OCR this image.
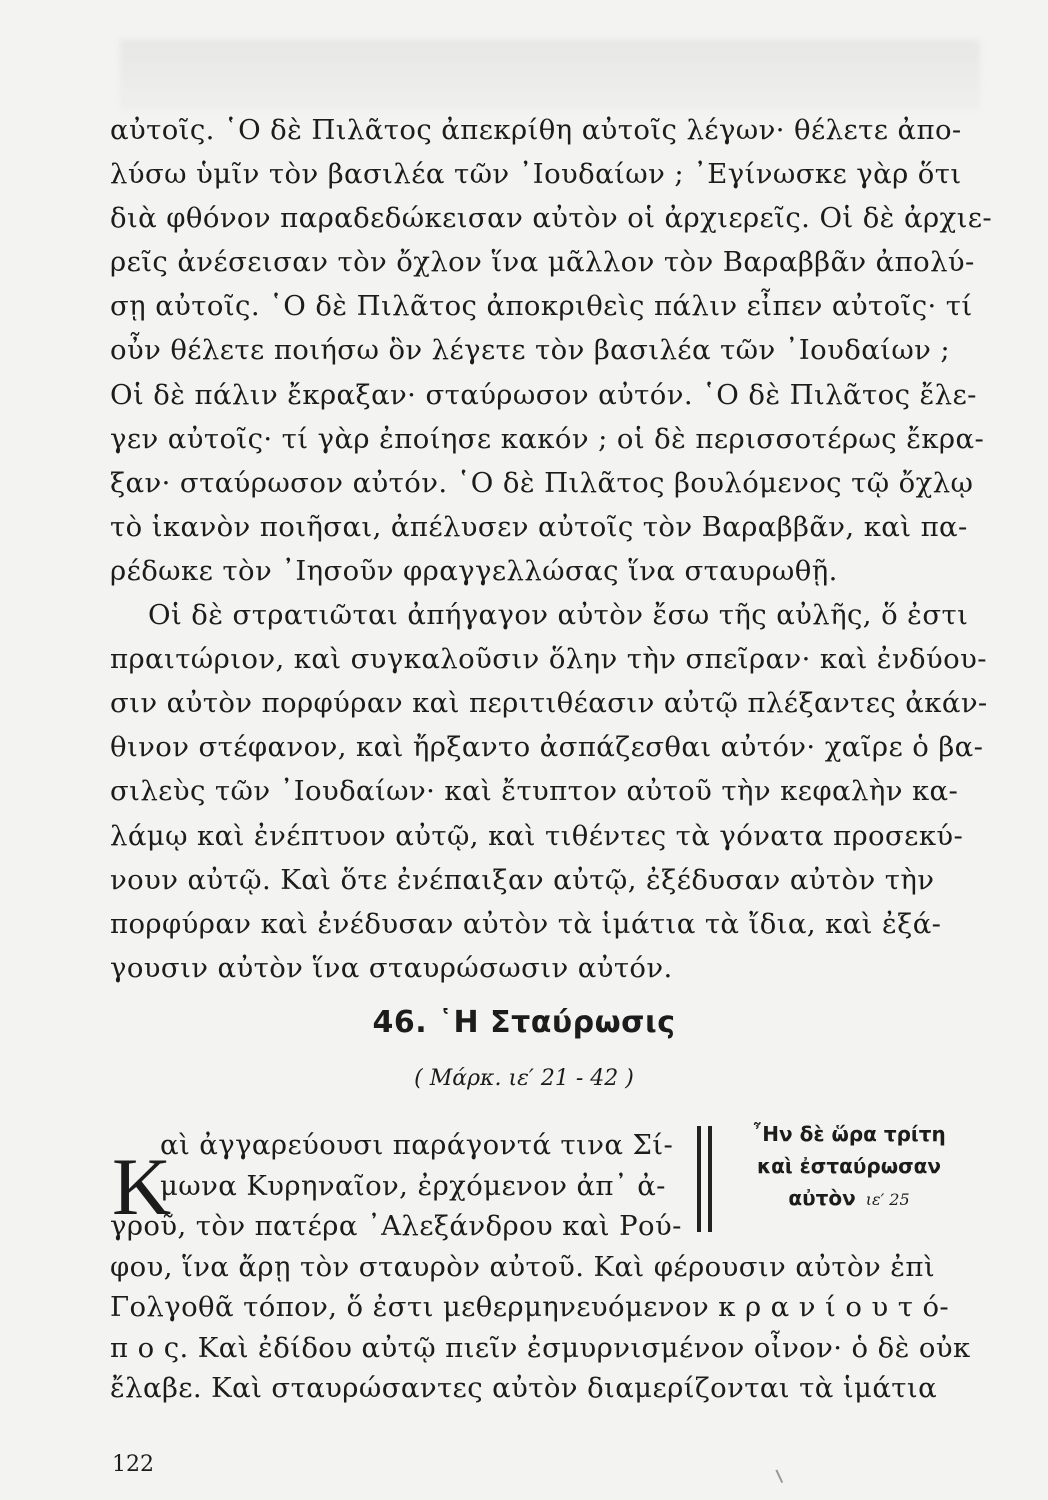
αὐτοῖς. ῾Ο δὲ Πιλᾶτος ἀπεκρίθη αὐτοῖς λέγων· θέλετε ἀπο-
λύσω ὑμῖν τὸν βασιλέα τῶν ᾿Ιουδαίων ; ᾿Εγίνωσκε γὰρ ὅτι
διὰ φθόνον παραδεδώκεισαν αὐτὸν οἱ ἀρχιερεῖς. Οἱ δὲ ἀρχιε-
ρεῖς ἀνέσεισαν τὸν ὄχλον ἵνα μᾶλλον τὸν Βαραββᾶν ἀπολύ-
σῃ αὐτοῖς. ῾Ο δὲ Πιλᾶτος ἀποκριθεὶς πάλιν εἶπεν αὐτοῖς· τί
οὖν θέλετε ποιήσω ὃν λέγετε τὸν βασιλέα τῶν ᾿Ιουδαίων ;
Οἱ δὲ πάλιν ἔκραξαν· σταύρωσον αὐτόν. ῾Ο δὲ Πιλᾶτος ἔλε-
γεν αὐτοῖς· τί γὰρ ἐποίησε κακόν ; οἱ δὲ περισσοτέρως ἔκρα-
ξαν· σταύρωσον αὐτόν. ῾Ο δὲ Πιλᾶτος βουλόμενος τῷ ὄχλῳ
τὸ ἱκανὸν ποιῆσαι, ἀπέλυσεν αὐτοῖς τὸν Βαραββᾶν, καὶ πα-
ρέδωκε τὸν ᾿Ιησοῦν φραγγελλώσας ἵνα σταυρωθῇ.
Οἱ δὲ στρατιῶται ἀπήγαγον αὐτὸν ἔσω τῆς αὐλῆς, ὅ ἐστι
πραιτώριον, καὶ συγκαλοῦσιν ὅλην τὴν σπεῖραν· καὶ ἐνδύου-
σιν αὐτὸν πορφύραν καὶ περιτιθέασιν αὐτῷ πλέξαντες ἀκάν-
θινον στέφανον, καὶ ἤρξαντο ἀσπάζεσθαι αὐτόν· χαῖρε ὁ βα-
σιλεὺς τῶν ᾿Ιουδαίων· καὶ ἔτυπτον αὐτοῦ τὴν κεφαλὴν κα-
λάμῳ καὶ ἐνέπτυον αὐτῷ, καὶ τιθέντες τὰ γόνατα προσεκύ-
νουν αὐτῷ. Καὶ ὅτε ἐνέπαιξαν αὐτῷ, ἐξέδυσαν αὐτὸν τὴν
πορφύραν καὶ ἐνέδυσαν αὐτὸν τὰ ἱμάτια τὰ ἴδια, καὶ ἐξά-
γουσιν αὐτὸν ἵνα σταυρώσωσιν αὐτόν.
46. ῾Η Σταύρωσις
( Μάρκ. ιε′ 21 - 42 )
Κ
῏Ην δὲ ὥρα τρίτη
καὶ ἐσταύρωσαν
αὐτὸν ιε′ 25
αὶ ἀγγαρεύουσι παράγοντά τινα Σί-
μωνα Κυρηναῖον, ἐρχόμενον ἀπ᾿ ἀ-
γροῦ, τὸν πατέρα ᾿Αλεξάνδρου καὶ Ρού-
φου, ἵνα ἄρῃ τὸν σταυρὸν αὐτοῦ. Καὶ φέρουσιν αὐτὸν ἐπὶ
Γολγοθᾶ τόπον, ὅ ἐστι μεθερμηνευόμενον κ ρ α ν ί ο υ τ ό-
π ο ς. Καὶ ἐδίδου αὐτῷ πιεῖν ἐσμυρνισμένον οἶνον· ὁ δὲ οὐκ
ἔλαβε. Καὶ σταυρώσαντες αὐτὸν διαμερίζονται τὰ ἱμάτια
122
